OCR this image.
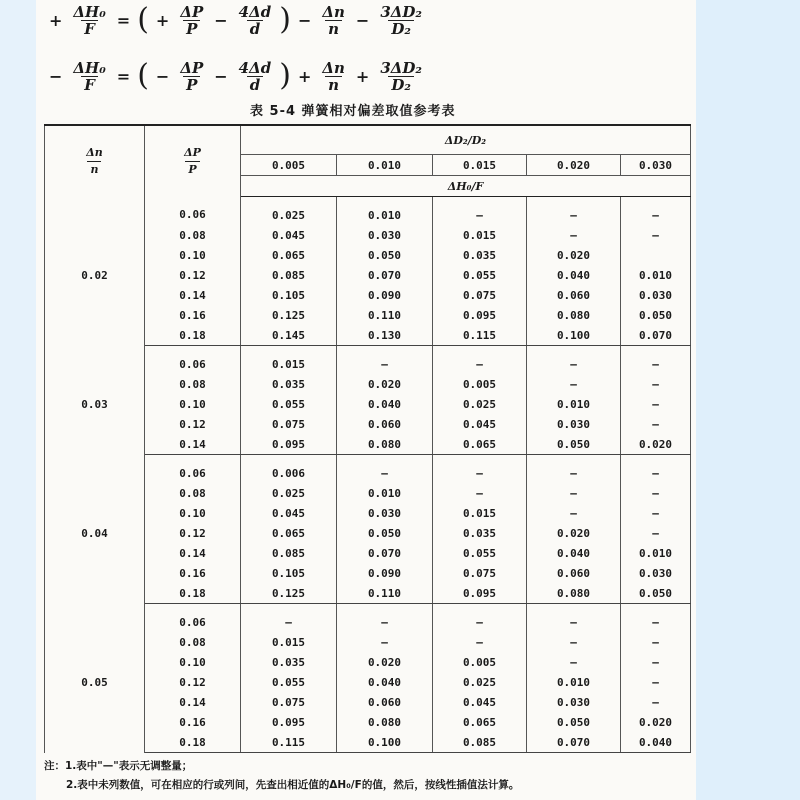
+ $\frac{\text{ΔH₀}}{F}$ = ( + $\frac{\Delta P}{P} - \frac{4\Delta d}{d}$ ) − $\frac{\Delta n}{n} - \frac{\text{3ΔD₂}}{\text{D₂}}$
− $\frac{\text{ΔH₀}}{F}$ = ( − $\frac{\Delta P}{P} - \frac{4\Delta d}{d}$ ) + $\frac{\Delta n}{n} + \frac{\text{3ΔD₂}}{\text{D₂}}$
表 5-4 弹簧相对偏差取值参考表
$\frac{\Delta n}{n}$	$\frac{\Delta P}{P}$	ΔD₂/D₂				
		0.005	0.010	0.015	0.020	0.030
		ΔH₀/F				
0.02	0.06	0.025	0.010	—	—	—
	0.08	0.045	0.030	0.015	—	—
	0.10	0.065	0.050	0.035	0.020	
	0.12	0.085	0.070	0.055	0.040	0.010
	0.14	0.105	0.090	0.075	0.060	0.030
	0.16	0.125	0.110	0.095	0.080	0.050
	0.18	0.145	0.130	0.115	0.100	0.070
0.03	0.06	0.015	—	—	—	—
	0.08	0.035	0.020	0.005	—	—
	0.10	0.055	0.040	0.025	0.010	—
	0.12	0.075	0.060	0.045	0.030	—
	0.14	0.095	0.080	0.065	0.050	0.020
0.04	0.06	0.006	—	—	—	—
	0.08	0.025	0.010	—	—	—
	0.10	0.045	0.030	0.015	—	—
	0.12	0.065	0.050	0.035	0.020	—
	0.14	0.085	0.070	0.055	0.040	0.010
	0.16	0.105	0.090	0.075	0.060	0.030
	0.18	0.125	0.110	0.095	0.080	0.050
0.05	0.06	—	—	—	—	—
	0.08	0.015	—	—	—	—
	0.10	0.035	0.020	0.005	—	—
	0.12	0.055	0.040	0.025	0.010	—
	0.14	0.075	0.060	0.045	0.030	—
	0.16	0.095	0.080	0.065	0.050	0.020
	0.18	0.115	0.100	0.085	0.070	0.040
注：1.表中"—"表示无调整量；
2.表中未列数值，可在相应的行或列间，先查出相近值的ΔH₀/F的值，然后，按线性插值法计算。
